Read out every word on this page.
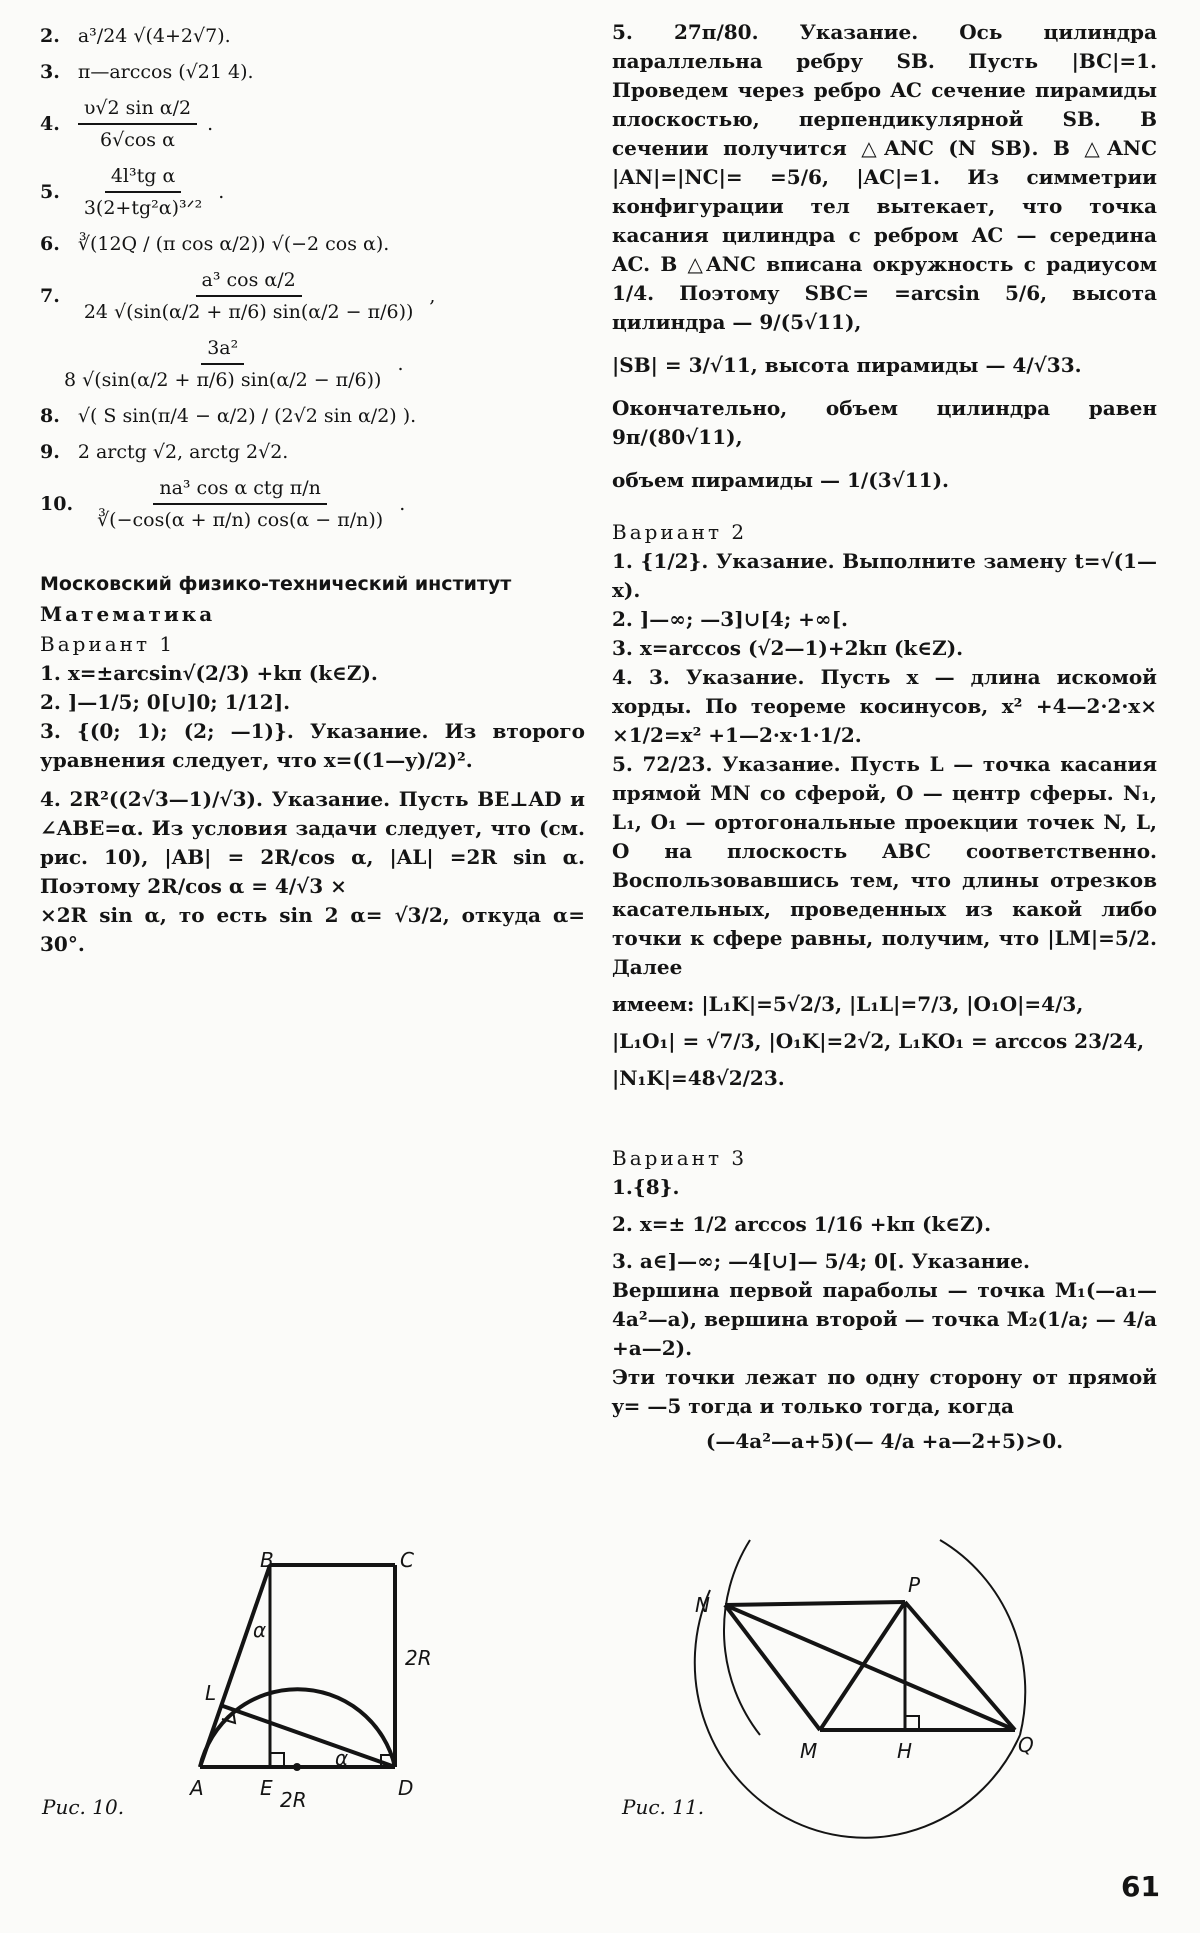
2. a³/24 √(4+2√7).
3. π—arccos (√21 4).
4. $\frac{\text{υ√2 sin α/2}}{\text{6√cos α}}$ .
5. $\frac{\text{4l³tg α}}{\text{3(2+tg²α)³ᐟ²}}$ .
6. ∛(12Q / (π cos α/2)) √(−2 cos α).
7. $\frac{\text{a³ cos α/2}}{24 √(\sin(\alpha/2 + \pi/6) \sin(\alpha/2 - \pi/6))}$ ,
$\frac{\text{3a²}}{8 √(\sin(\alpha/2 + \pi/6) \sin(\alpha/2 - \pi/6))}$ .
8. √( S sin(π/4 − α/2) / (2√2 sin α/2) ).
9. 2 arctg √2, arctg 2√2.
10. $\frac{\text{na³ cos α ctg π/n}}{∛(-\cos(\alpha + \pi/n) \cos(\alpha - \pi/n))}$ .
Московский физико-технический институт

Математика

Вариант 1

1. x=±arcsin√(2/3) +kπ (k∈Z).

2. ]—1/5; 0[∪]0; 1/12].

3. {(0; 1); (2; —1)}. Указание. Из второго уравнения следует, что x=((1—y)/2)².

4. 2R²((2√3—1)/√3). Указание. Пусть BE⊥AD и ∠ABE=α. Из условия задачи следует, что (см. рис. 10), |AB| = 2R/cos α, |AL| =2R sin α. Поэтому 2R/cos α = 4/√3 ×

×2R sin α, то есть sin 2 α= √3/2, откуда α= 30°.

B	C
A	E	D
L
α
α
2R
2R
Рис. 10.

5. 27π/80. Указание. Ось цилиндра параллельна ребру SB. Пусть |BC|=1. Проведем через ребро AC сечение пирамиды плоскостью, перпендикулярной SB. В сечении получится △ANC (N SB). В △ANC |AN|=|NC|= =5/6, |AC|=1. Из симметрии конфигурации тел вытекает, что точка касания цилиндра с ребром AC — середина AC. В △ANC вписана окружность с радиусом 1/4. Поэтому SBC= =arcsin 5/6, высота цилиндра — 9/(5√11),

|SB| = 3/√11, высота пирамиды — 4/√33.

Окончательно, объем цилиндра равен 9π/(80√11),

объем пирамиды — 1/(3√11).

Вариант 2

1. {1/2}. Указание. Выполните замену t=√(1—x).

2. ]—∞; —3]∪[4; +∞[.

3. x=arccos (√2—1)+2kπ (k∈Z).

4. 3. Указание. Пусть x — длина искомой хорды. По теореме косинусов, x² +4—2·2·x× ×1/2=x² +1—2·x·1·1/2.

5. 72/23. Указание. Пусть L — точка касания прямой MN со сферой, O — центр сферы. N₁, L₁, O₁ — ортогональные проекции точек N, L, O на плоскость ABC соответственно. Воспользовавшись тем, что длины отрезков касательных, проведенных из какой либо точки к сфере равны, получим, что |LM|=5/2. Далее

имеем: |L₁K|=5√2/3, |L₁L|=7/3, |O₁O|=4/3,

|L₁O₁| = √7/3, |O₁K|=2√2, L₁KO₁ = arccos 23/24,

|N₁K|=48√2/23.

Вариант 3

1.{8}.

2. x=± 1/2 arccos 1/16 +kπ (k∈Z).

3. a∈]—∞; —4[∪]— 5/4; 0[. Указание.

Вершина первой параболы — точка M₁(—a₁—4a²—a), вершина второй — точка M₂(1/a; — 4/a +a—2).

Эти точки лежат по одну сторону от прямой y= —5 тогда и только тогда, когда

(—4a²—a+5)(— 4/a +a—2+5)>0.

N
P
M	H	Q
Рис. 11.
61
